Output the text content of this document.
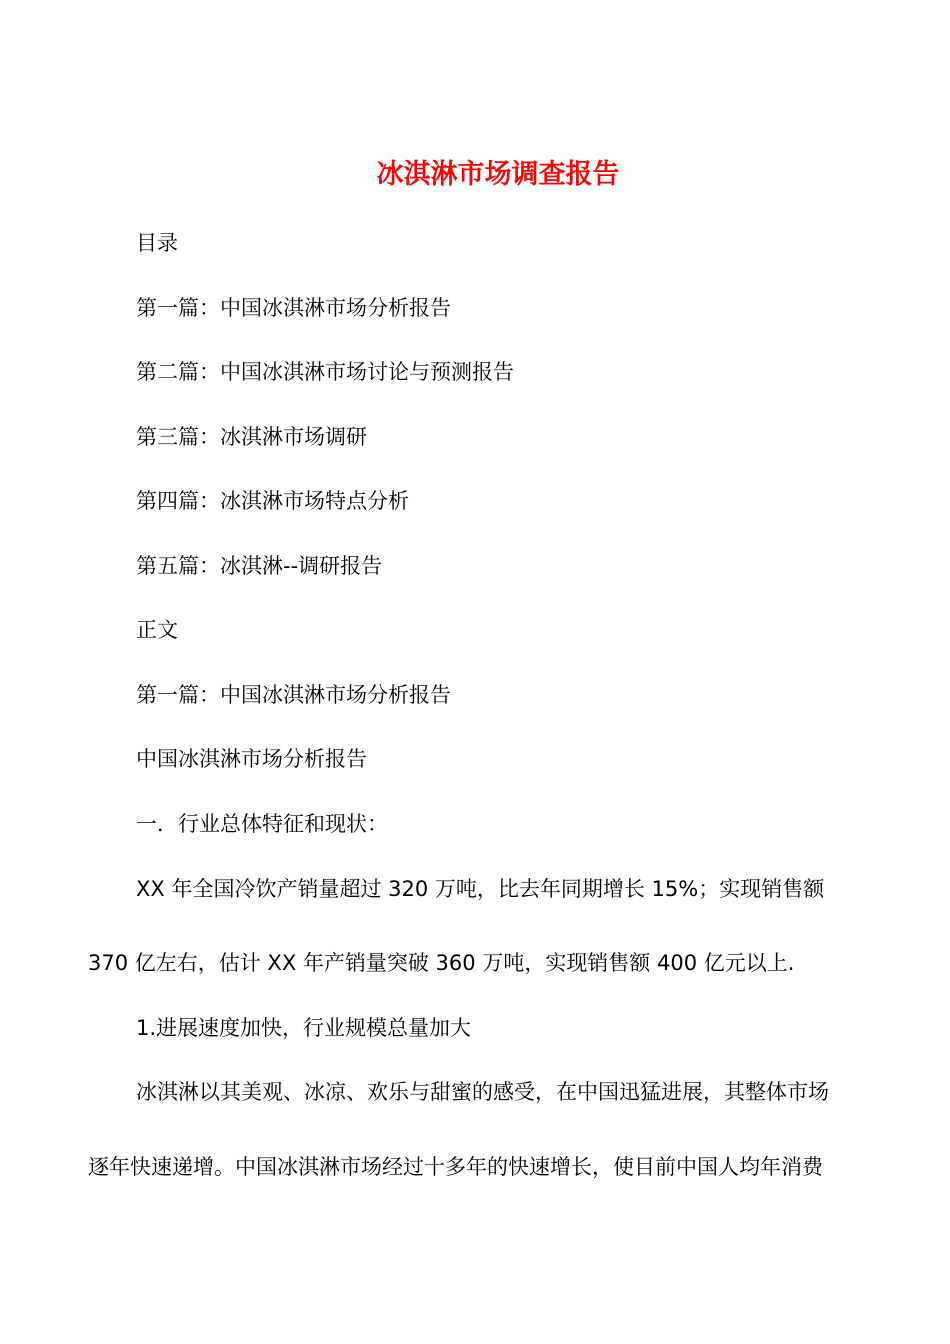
冰淇淋市场调查报告
目录
第一篇：中国冰淇淋市场分析报告
第二篇：中国冰淇淋市场讨论与预测报告
第三篇：冰淇淋市场调研
第四篇：冰淇淋市场特点分析
第五篇：冰淇淋--调研报告
正文
第一篇：中国冰淇淋市场分析报告
中国冰淇淋市场分析报告
一．行业总体特征和现状：
XX 年全国冷饮产销量超过 320 万吨，比去年同期增长 15%；实现销售额
370 亿左右，估计 XX 年产销量突破 360 万吨，实现销售额 400 亿元以上.
1.进展速度加快，行业规模总量加大
冰淇淋以其美观、冰凉、欢乐与甜蜜的感受，在中国迅猛进展，其整体市场
逐年快速递增。中国冰淇淋市场经过十多年的快速增长，使目前中国人均年消费
